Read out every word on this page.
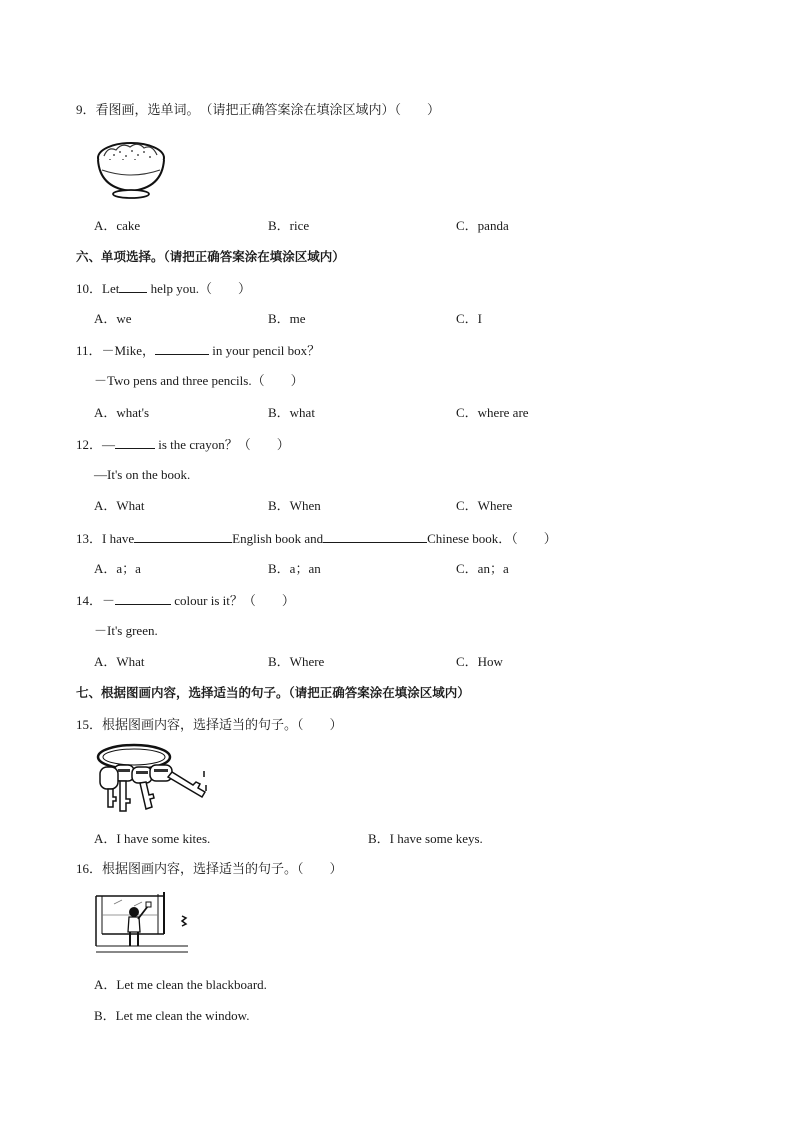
9．看图画，选单词。　（请把正确答案涂在填涂区域内）（　　）
A．cake	B．rice	C．panda
六、单项选择。（请把正确答案涂在填涂区域内）
10．Let help you.（　　）
A．we	B．me	C．I
11．－Mike，	in your pencil box？
－Two pens and three pencils.（　　）
A．what's	B．what	C．where are
12．—	is the crayon？（　　）
—It's on the book.
A．What	B．When	C．Where
13．I have	English book and	Chinese book．（　　）
A．a；a	B．a；an	C．an；a
14．－	colour is it？（　　）
－It's green.
A．What	B．Where	C．How
七、根据图画内容，选择适当的句子。（请把正确答案涂在填涂区域内）
15．根据图画内容，选择适当的句子。（　　）
A．I have some kites.	B．I have some keys.
16．根据图画内容，选择适当的句子。（　　）
A．Let me clean the blackboard.
B．Let me clean the window.
